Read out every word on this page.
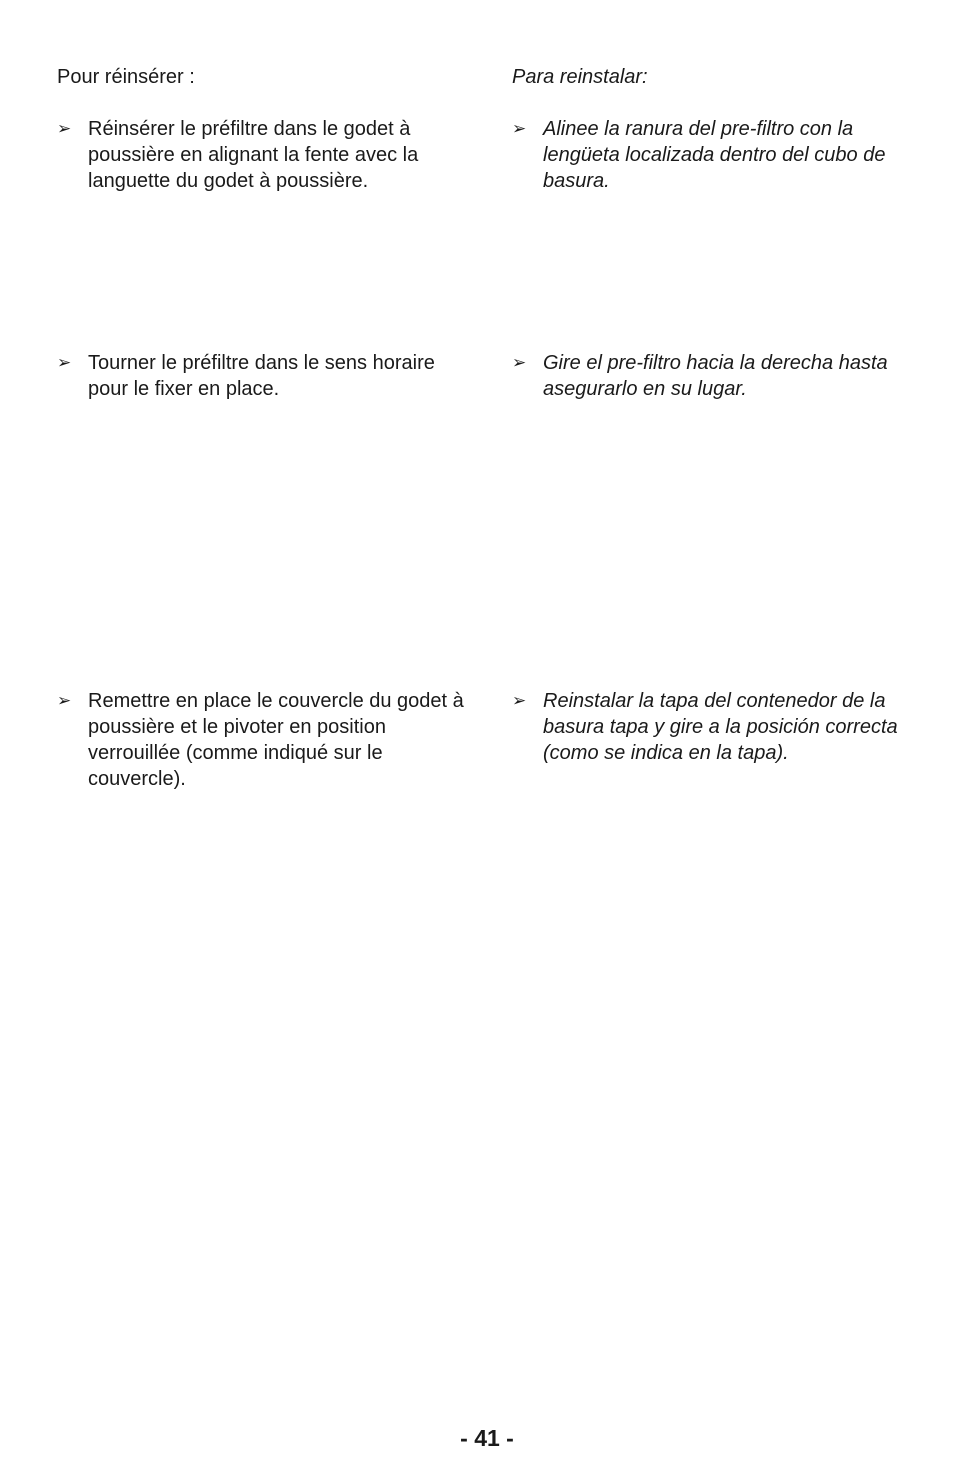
Pour réinsérer :

➢ Réinsérer le préfiltre dans le godet à poussière en alignant la fente avec la languette du godet à poussière.
➢ Tourner le préfiltre dans le sens horaire pour le fixer en place.
➢ Remettre en place le couvercle du godet à poussière et le pivoter en position verrouillée (comme indiqué sur le couvercle).

Para reinstalar:

➢ Alinee la ranura del pre-filtro con la lengüeta localizada dentro del cubo de basura.
➢ Gire el pre-filtro hacia la derecha hasta asegurarlo en su lugar.
➢ Reinstalar la tapa del contenedor de la basura tapa y gire a la posición correcta (como se indica en la tapa).
- 41 -
